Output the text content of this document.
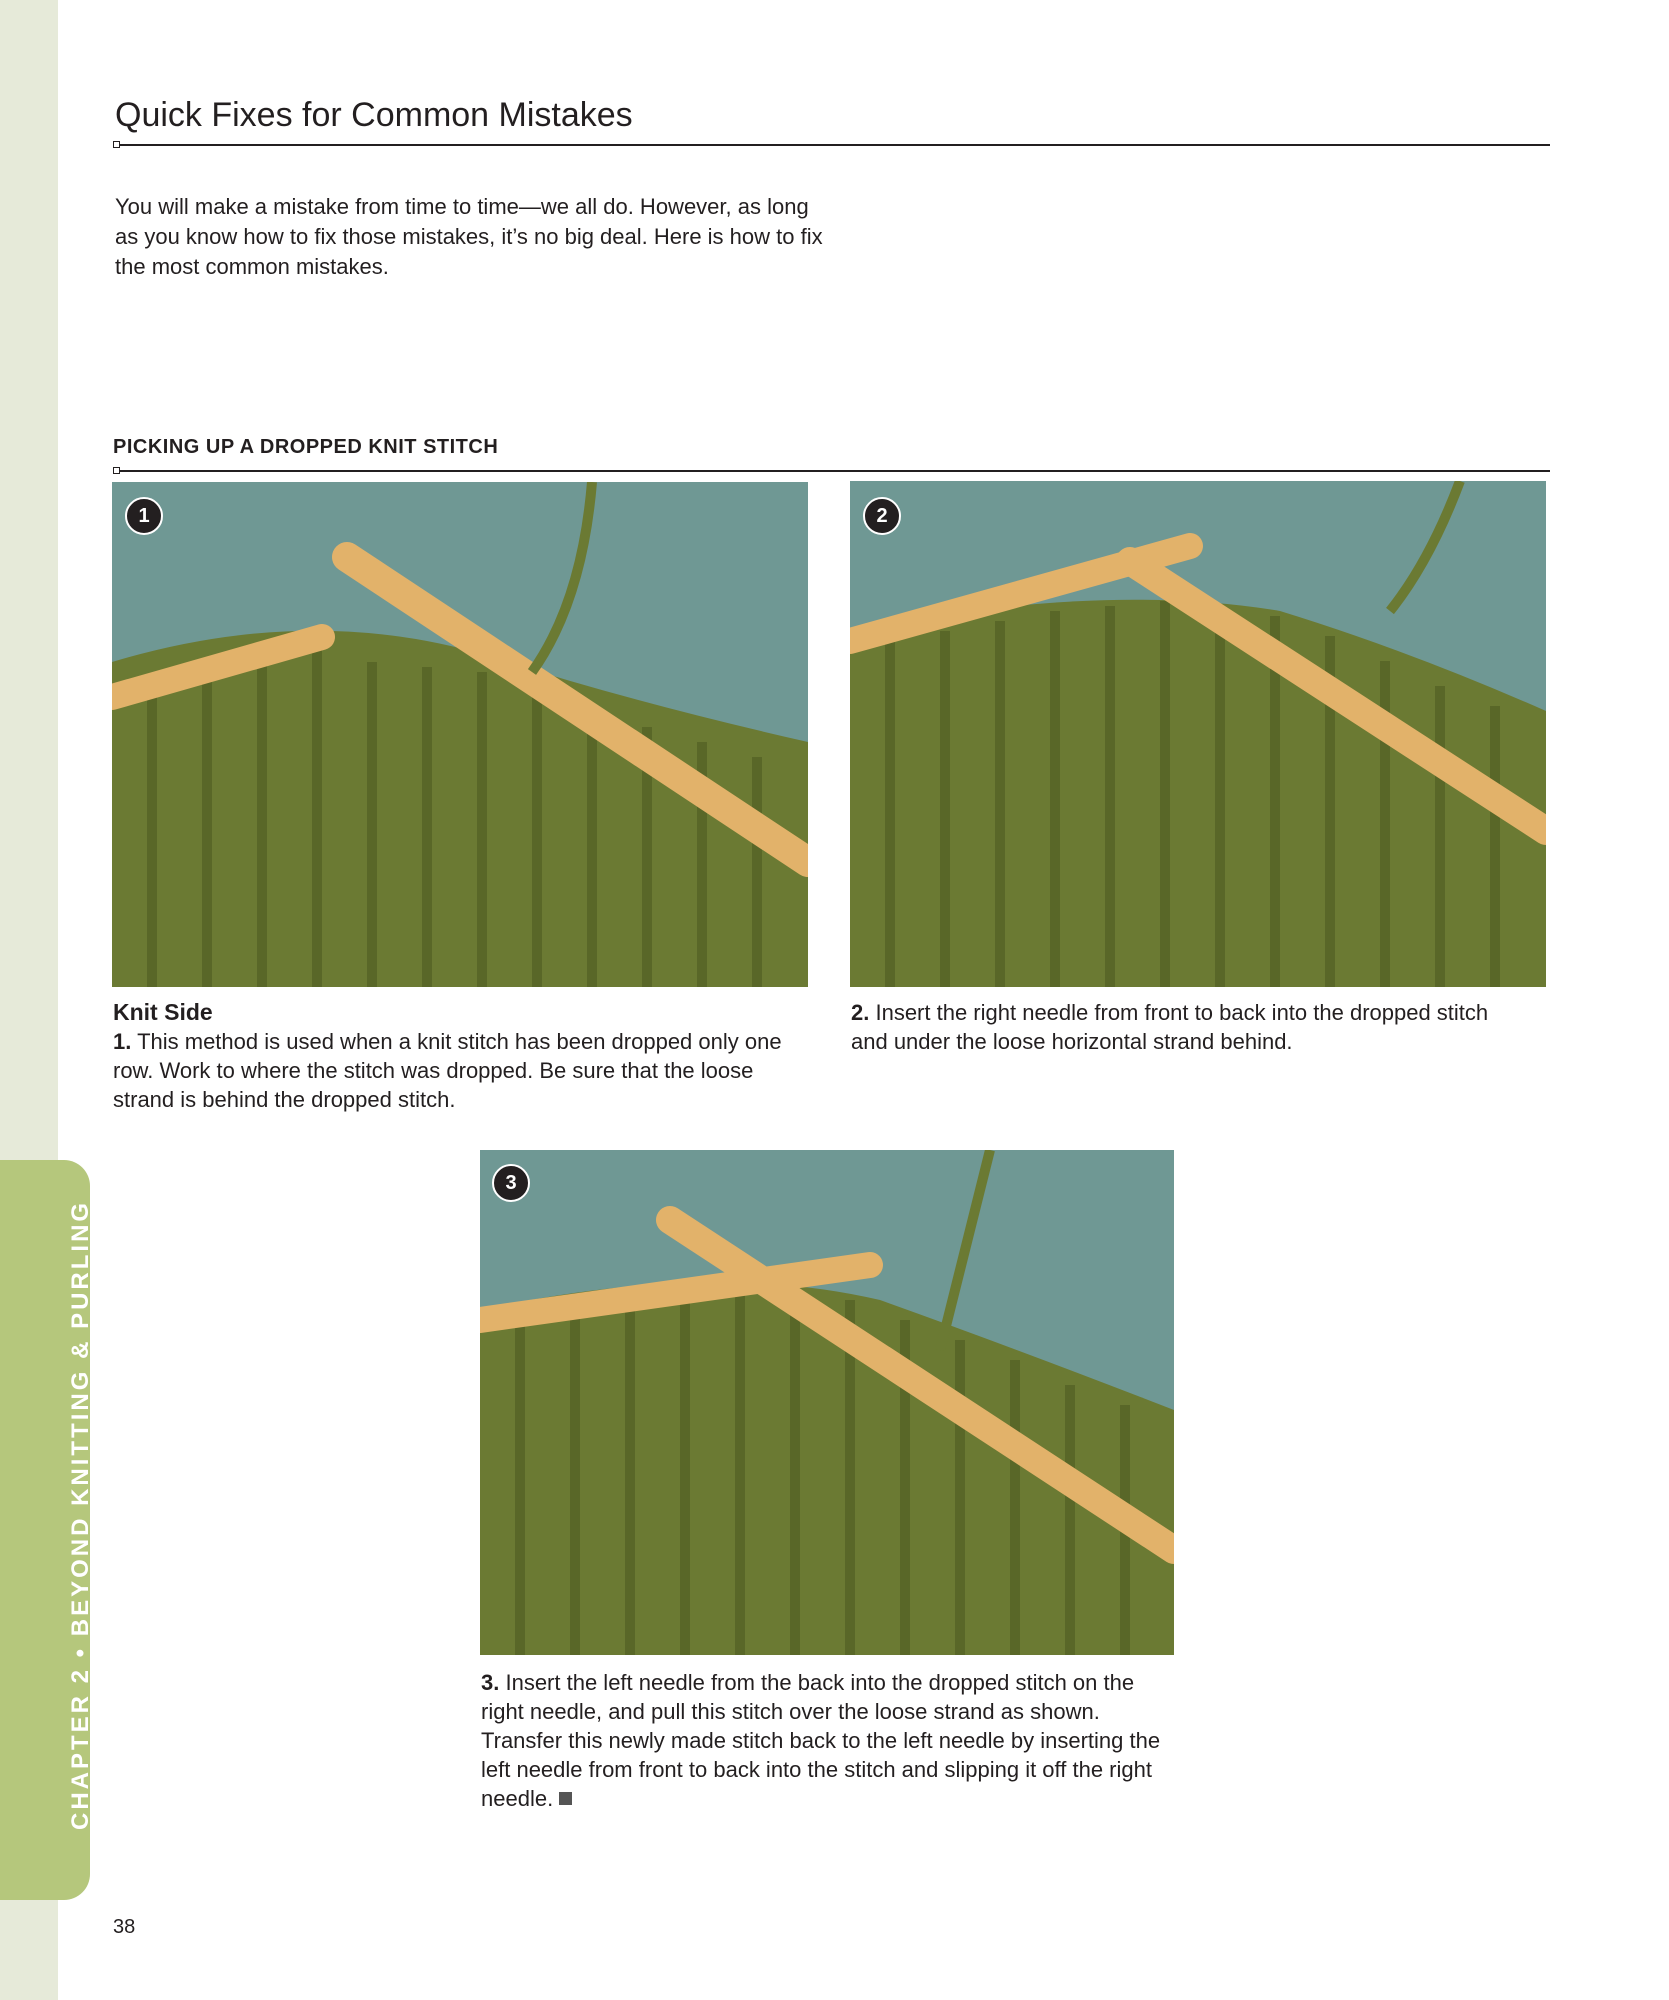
CHAPTER 2 • BEYOND KNITTING & PURLING
Quick Fixes for Common Mistakes
You will make a mistake from time to time—we all do. However, as long as you know how to fix those mistakes, it’s no big deal. Here is how to fix the most common mistakes.
PICKING UP A DROPPED KNIT STITCH
1	2
Knit Side
1. This method is used when a knit stitch has been dropped only one row. Work to where the stitch was dropped. Be sure that the loose strand is behind the dropped stitch.
2. Insert the right needle from front to back into the dropped stitch and under the loose horizontal strand behind.
3
3. Insert the left needle from the back into the dropped stitch on the right needle, and pull this stitch over the loose strand as shown. Transfer this newly made stitch back to the left needle by inserting the left needle from front to back into the stitch and slipping it off the right needle.
38
